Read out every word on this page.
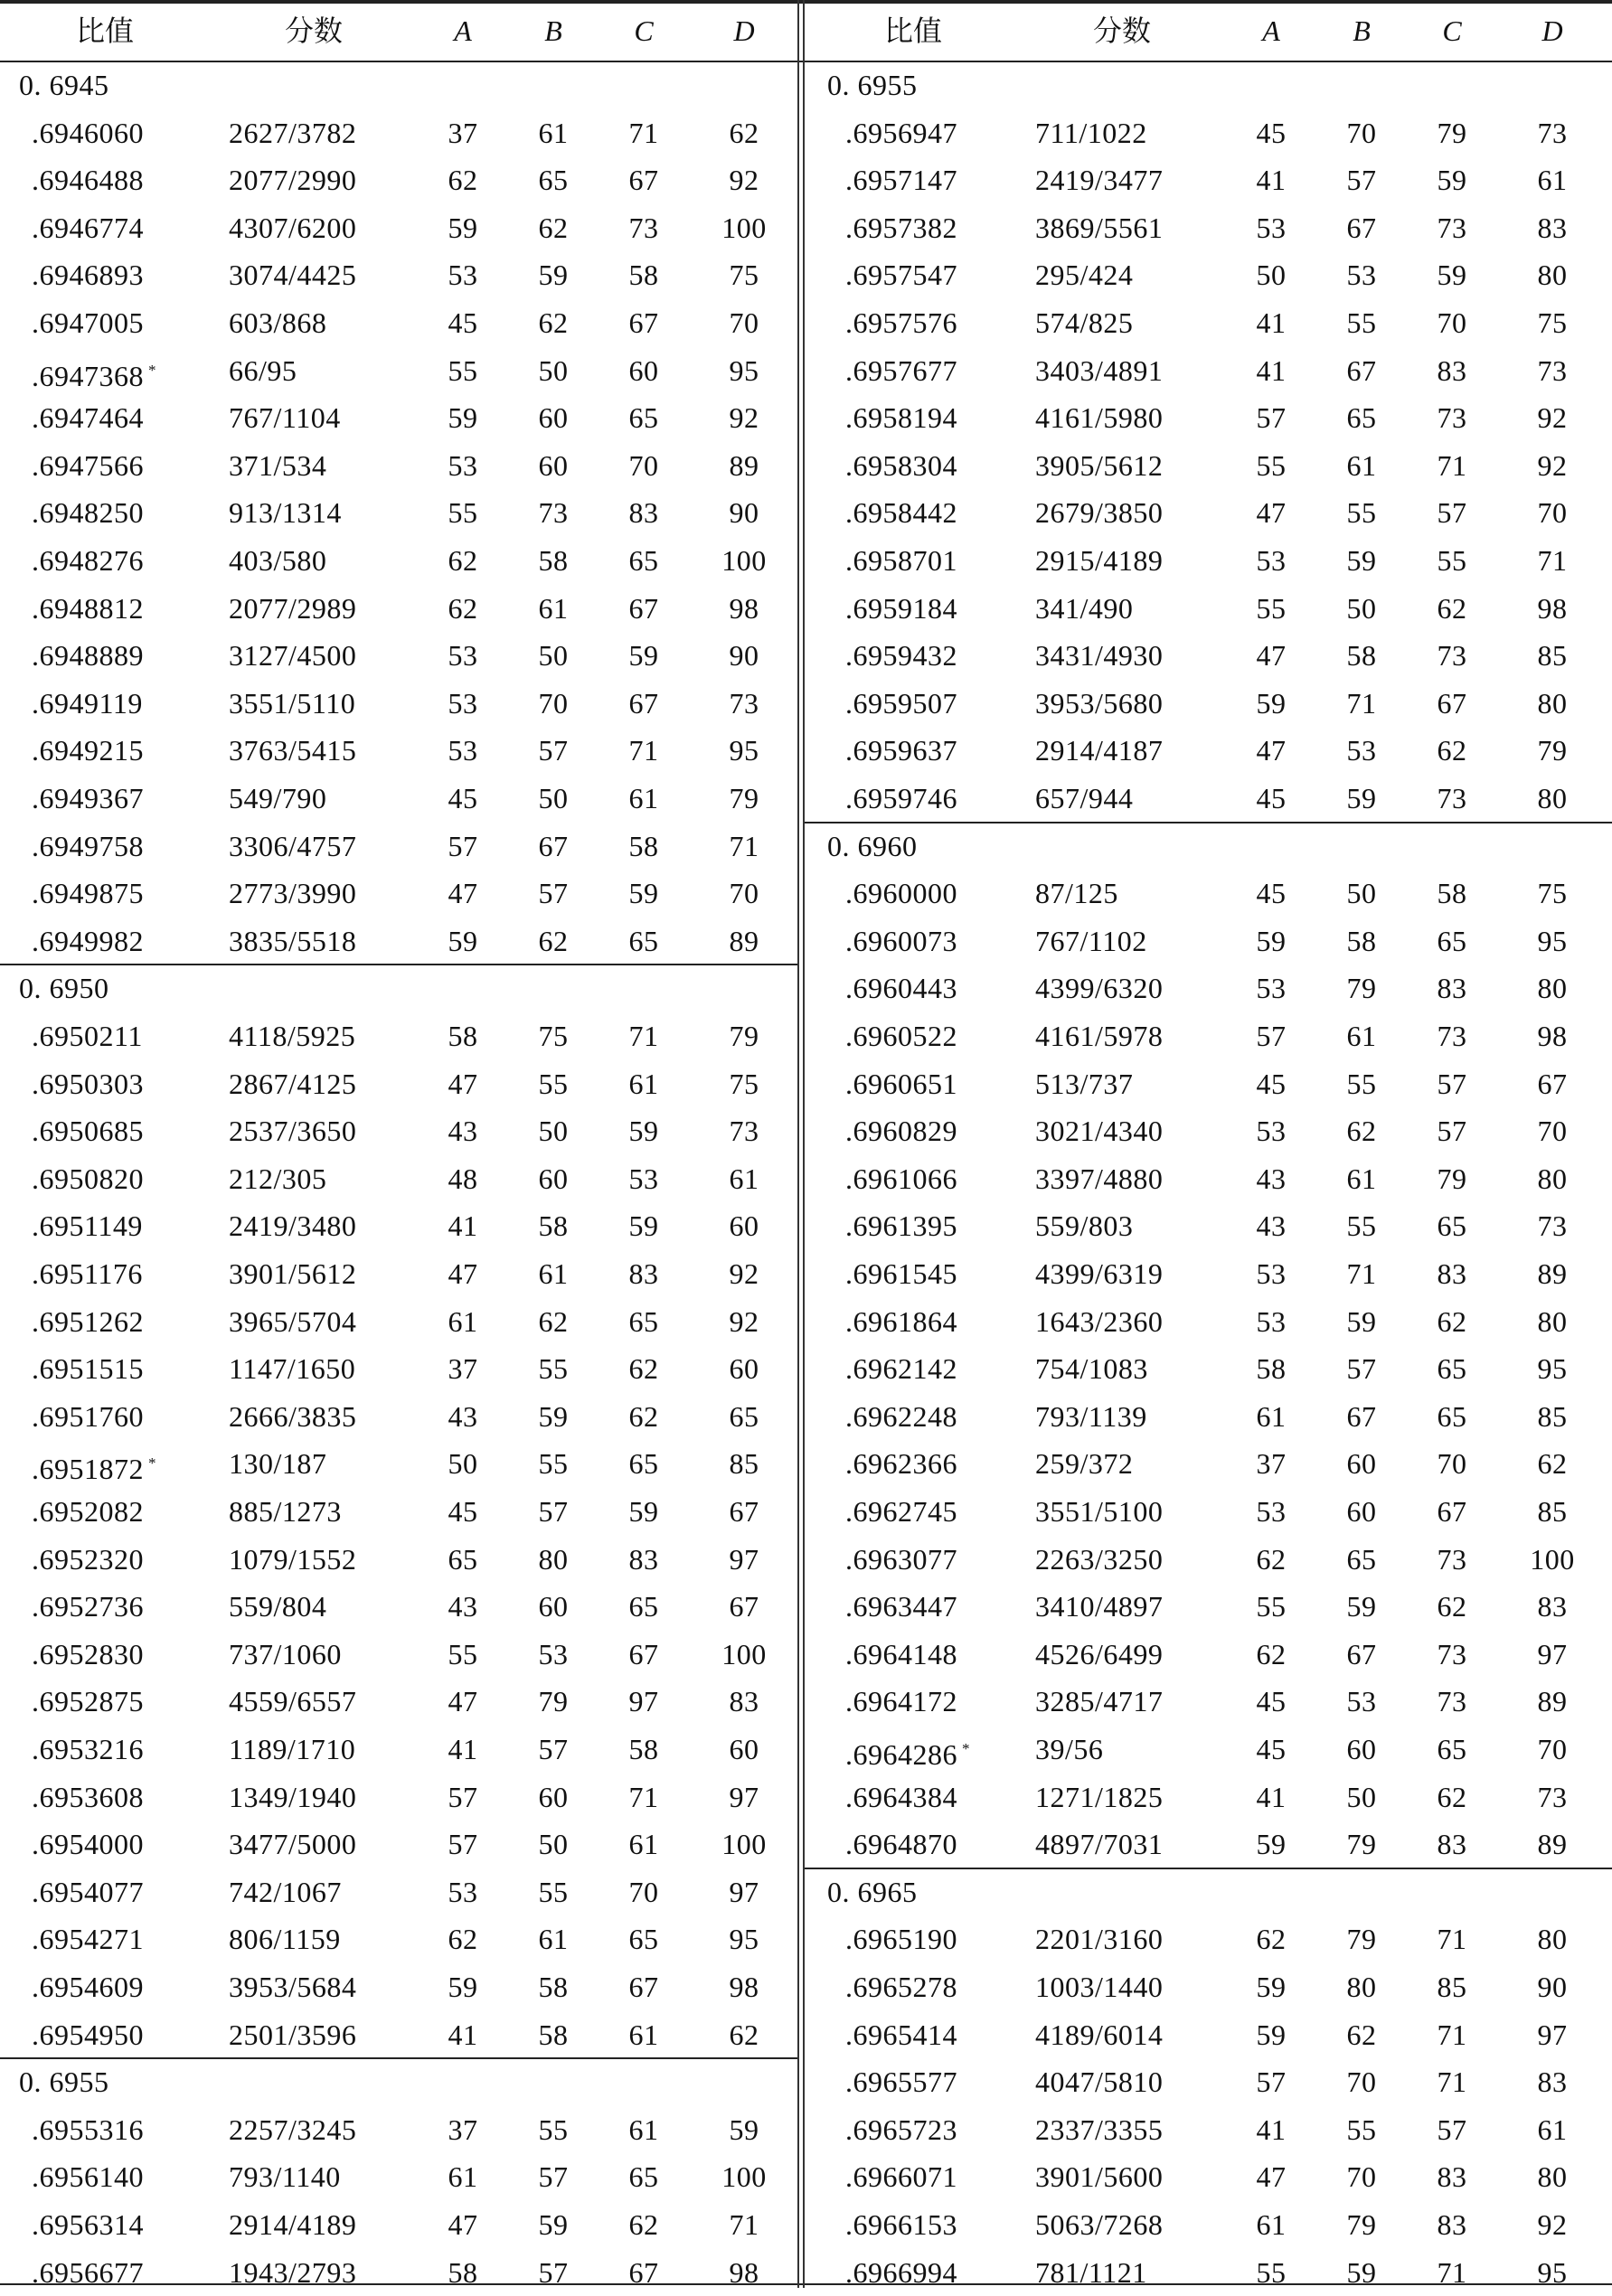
比值	分数	A	B	C	D
0. 6945
.6946060	2627/3782	37	61	71	62
.6946488	2077/2990	62	65	67	92
.6946774	4307/6200	59	62	73	100
.6946893	3074/4425	53	59	58	75
.6947005	603/868	45	62	67	70
.6947368 *	66/95	55	50	60	95
.6947464	767/1104	59	60	65	92
.6947566	371/534	53	60	70	89
.6948250	913/1314	55	73	83	90
.6948276	403/580	62	58	65	100
.6948812	2077/2989	62	61	67	98
.6948889	3127/4500	53	50	59	90
.6949119	3551/5110	53	70	67	73
.6949215	3763/5415	53	57	71	95
.6949367	549/790	45	50	61	79
.6949758	3306/4757	57	67	58	71
.6949875	2773/3990	47	57	59	70
.6949982	3835/5518	59	62	65	89
0. 6950
.6950211	4118/5925	58	75	71	79
.6950303	2867/4125	47	55	61	75
.6950685	2537/3650	43	50	59	73
.6950820	212/305	48	60	53	61
.6951149	2419/3480	41	58	59	60
.6951176	3901/5612	47	61	83	92
.6951262	3965/5704	61	62	65	92
.6951515	1147/1650	37	55	62	60
.6951760	2666/3835	43	59	62	65
.6951872 *	130/187	50	55	65	85
.6952082	885/1273	45	57	59	67
.6952320	1079/1552	65	80	83	97
.6952736	559/804	43	60	65	67
.6952830	737/1060	55	53	67	100
.6952875	4559/6557	47	79	97	83
.6953216	1189/1710	41	57	58	60
.6953608	1349/1940	57	60	71	97
.6954000	3477/5000	57	50	61	100
.6954077	742/1067	53	55	70	97
.6954271	806/1159	62	61	65	95
.6954609	3953/5684	59	58	67	98
.6954950	2501/3596	41	58	61	62
0. 6955
.6955316	2257/3245	37	55	61	59
.6956140	793/1140	61	57	65	100
.6956314	2914/4189	47	59	62	71
.6956677	1943/2793	58	57	67	98
比值	分数	A	B	C	D
0. 6955
.6956947	711/1022	45	70	79	73
.6957147	2419/3477	41	57	59	61
.6957382	3869/5561	53	67	73	83
.6957547	295/424	50	53	59	80
.6957576	574/825	41	55	70	75
.6957677	3403/4891	41	67	83	73
.6958194	4161/5980	57	65	73	92
.6958304	3905/5612	55	61	71	92
.6958442	2679/3850	47	55	57	70
.6958701	2915/4189	53	59	55	71
.6959184	341/490	55	50	62	98
.6959432	3431/4930	47	58	73	85
.6959507	3953/5680	59	71	67	80
.6959637	2914/4187	47	53	62	79
.6959746	657/944	45	59	73	80
0. 6960
.6960000	87/125	45	50	58	75
.6960073	767/1102	59	58	65	95
.6960443	4399/6320	53	79	83	80
.6960522	4161/5978	57	61	73	98
.6960651	513/737	45	55	57	67
.6960829	3021/4340	53	62	57	70
.6961066	3397/4880	43	61	79	80
.6961395	559/803	43	55	65	73
.6961545	4399/6319	53	71	83	89
.6961864	1643/2360	53	59	62	80
.6962142	754/1083	58	57	65	95
.6962248	793/1139	61	67	65	85
.6962366	259/372	37	60	70	62
.6962745	3551/5100	53	60	67	85
.6963077	2263/3250	62	65	73	100
.6963447	3410/4897	55	59	62	83
.6964148	4526/6499	62	67	73	97
.6964172	3285/4717	45	53	73	89
.6964286 * 39/56	45	60	65	70
.6964384	1271/1825	41	50	62	73
.6964870	4897/7031	59	79	83	89
0. 6965
.6965190	2201/3160	62	79	71	80
.6965278	1003/1440	59	80	85	90
.6965414	4189/6014	59	62	71	97
.6965577	4047/5810	57	70	71	83
.6965723	2337/3355	41	55	57	61
.6966071	3901/5600	47	70	83	80
.6966153	5063/7268	61	79	83	92
.6966994	781/1121	55	59	71	95
